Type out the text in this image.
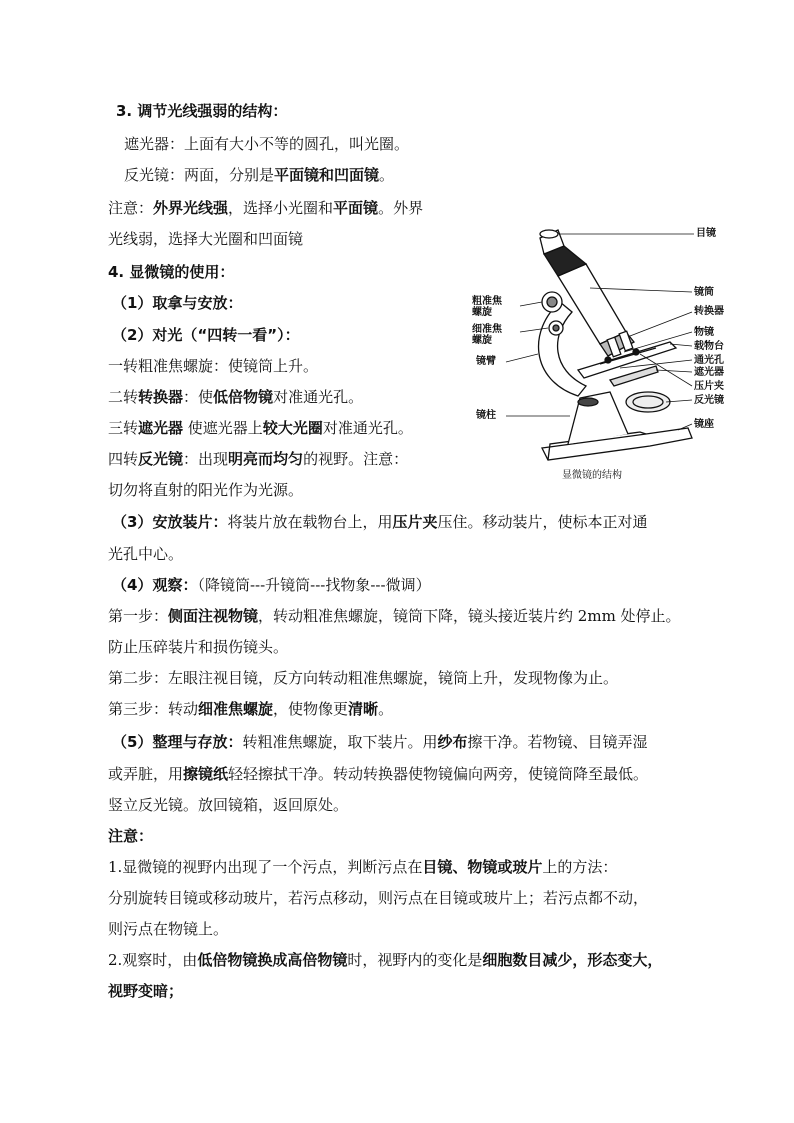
3. 调节光线强弱的结构：
遮光器：上面有大小不等的圆孔，叫光圈。
反光镜：两面，分别是平面镜和凹面镜。
注意：外界光线强，选择小光圈和平面镜。外界
光线弱，选择大光圈和凹面镜
4. 显微镜的使用：
（1）取拿与安放：
（2）对光（“四转一看”）：
一转粗准焦螺旋：使镜筒上升。
二转转换器：使低倍物镜对准通光孔。
三转遮光器 使遮光器上较大光圈对准通光孔。
四转反光镜：出现明亮而均匀的视野。注意：
切勿将直射的阳光作为光源。
（3）安放装片：将装片放在载物台上，用压片夹压住。移动装片，使标本正对通
光孔中心。
（4）观察：（降镜筒---升镜筒---找物象---微调）
第一步：侧面注视物镜，转动粗准焦螺旋，镜筒下降，镜头接近装片约 2mm 处停止。
防止压碎装片和损伤镜头。
第二步：左眼注视目镜，反方向转动粗准焦螺旋，镜筒上升，发现物像为止。
第三步：转动细准焦螺旋，使物像更清晰。
（5）整理与存放：转粗准焦螺旋，取下装片。用纱布擦干净。若物镜、目镜弄湿
或弄脏，用擦镜纸轻轻擦拭干净。转动转换器使物镜偏向两旁，使镜筒降至最低。
竖立反光镜。放回镜箱，返回原处。
注意：
1.显微镜的视野内出现了一个污点，判断污点在目镜、物镜或玻片上的方法：
分别旋转目镜或移动玻片，若污点移动，则污点在目镜或玻片上；若污点都不动，
则污点在物镜上。
2.观察时，由低倍物镜换成高倍物镜时，视野内的变化是细胞数目减少，形态变大，
视野变暗；
目镜
粗准焦
螺旋
细准焦
螺旋
镜筒
转换器
物镜
载物台
通光孔
遮光器
镜臂
压片夹
反光镜
镜柱
镜座
显微镜的结构
